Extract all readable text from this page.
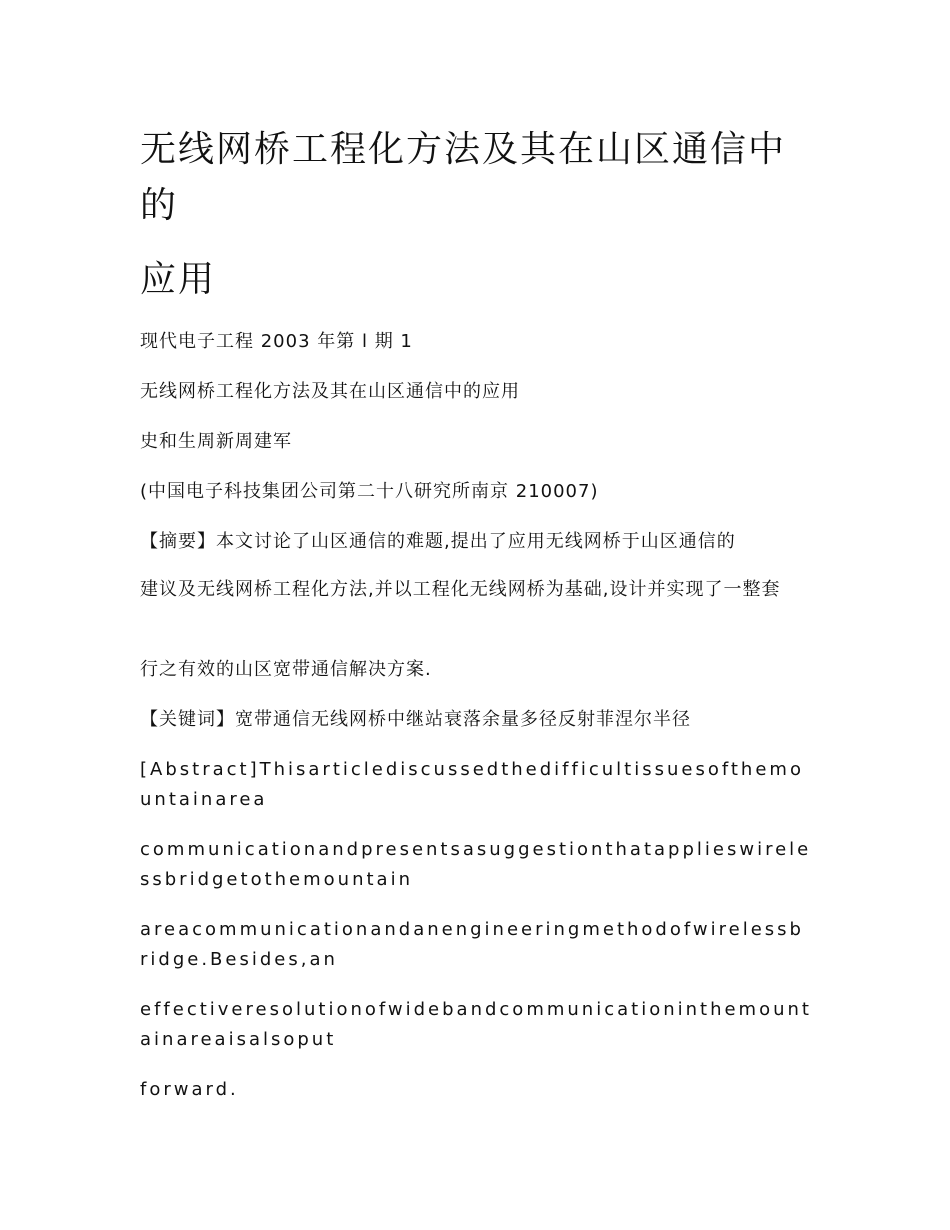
无线网桥工程化方法及其在山区通信中的
应用

现代电子工程 2003 年第 l 期 1

无线网桥工程化方法及其在山区通信中的应用

史和生周新周建军

(中国电子科技集团公司第二十八研究所南京 210007)

【摘要】本文讨论了山区通信的难题,提出了应用无线网桥于山区通信的

建议及无线网桥工程化方法,并以工程化无线网桥为基础,设计并实现了一整套

行之有效的山区宽带通信解决方案.

【关键词】宽带通信无线网桥中继站衰落余量多径反射菲涅尔半径

[Abstract]Thisarticlediscussedthedifficultissuesofthemountainarea

communicationandpresentsasuggestionthatapplieswirelessbridgetothemountain

areacommunicationandanengineeringmethodofwirelessbridge.Besides,an

effectiveresolutionofwidebandcommunicationinthemountainareaisalsoput

forward.
